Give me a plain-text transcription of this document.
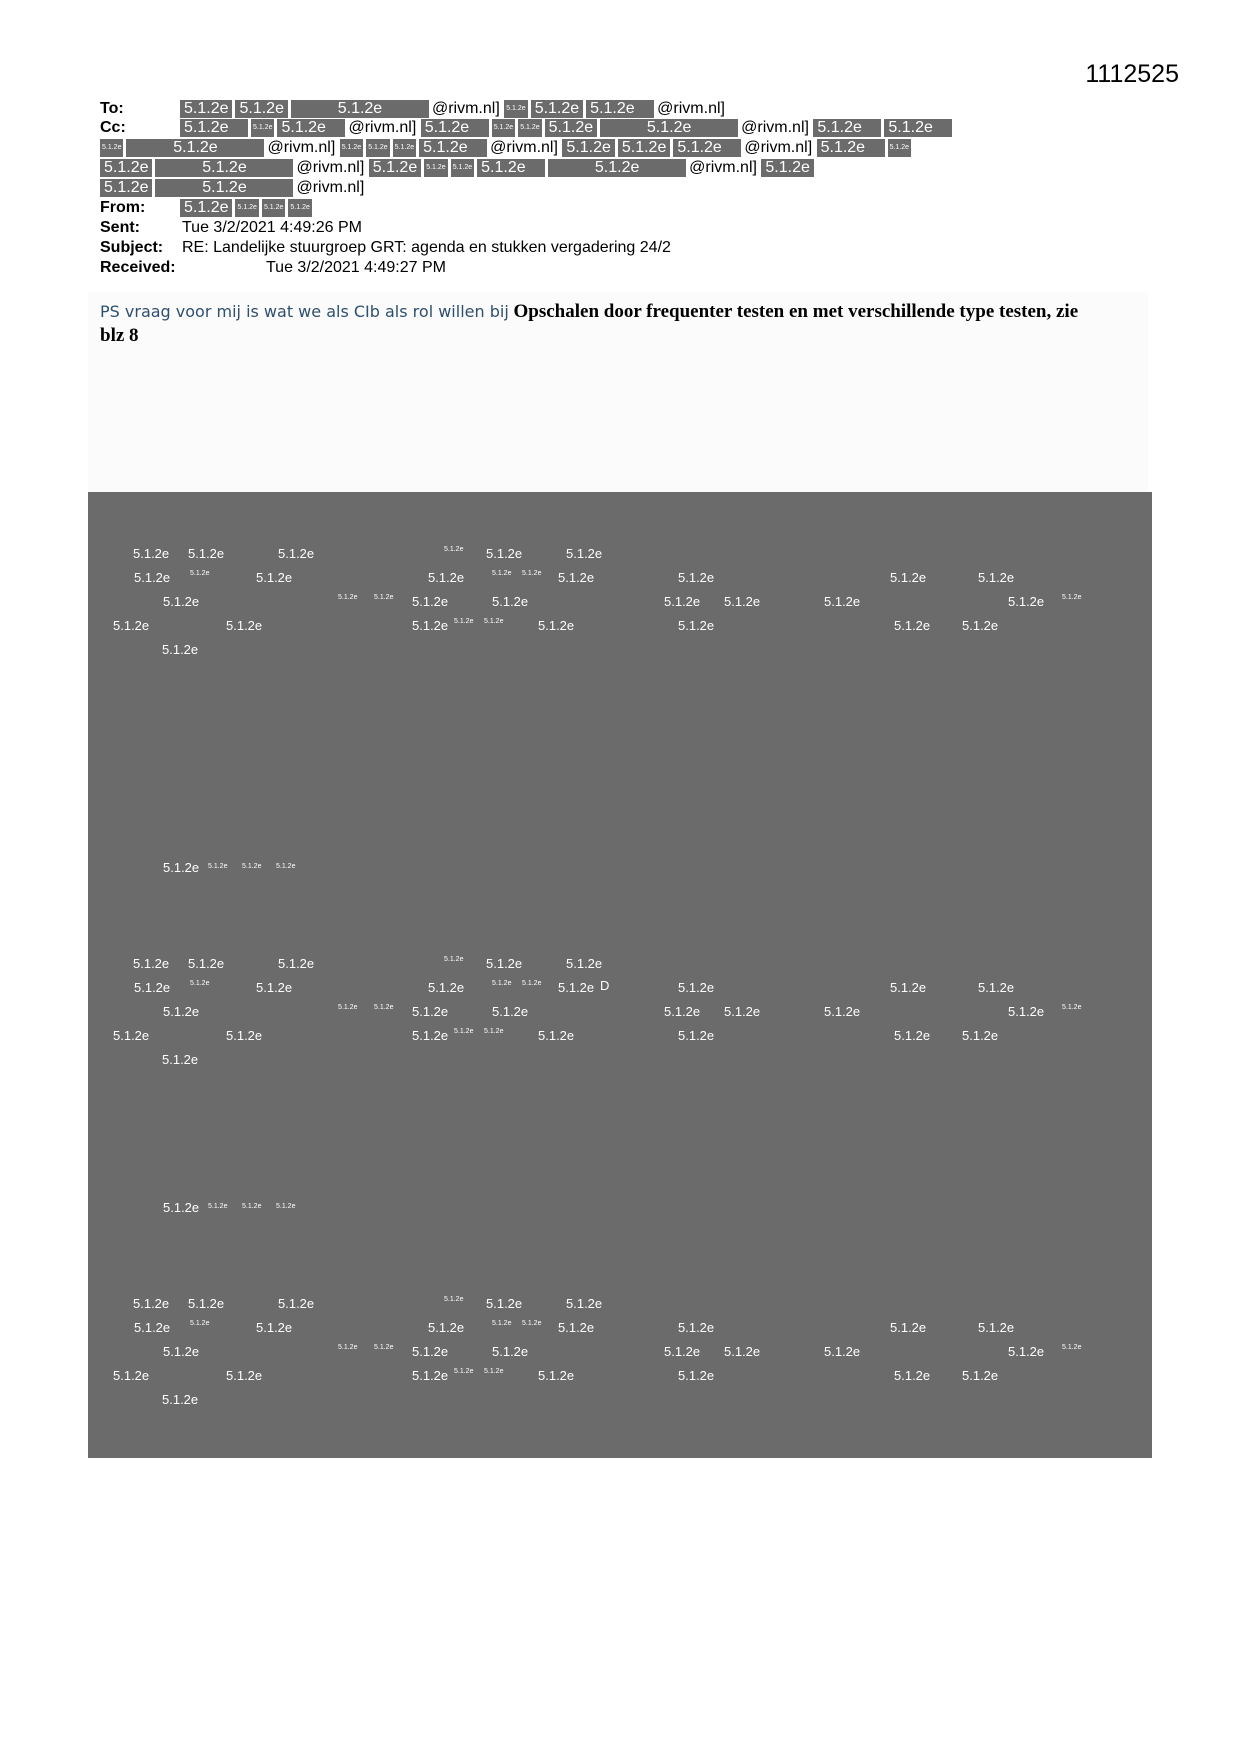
1112525
To:	5.1.2e 5.1.2e	5.1.2e	@rivm.nl] 5.1.2e 5.1.2e 5.1.2e @rivm.nl]
Cc:	5.1.2e	5.1.2e 5.1.2e @rivm.nl] 5.1.2e	5.1.2e 5.1.2e 5.1.2e	5.1.2e	@rivm.nl] 5.1.2e 5.1.2e
5.1.2e	5.1.2e	@rivm.nl] 5.1.2e 5.1.2e 5.1.2e 5.1.2e @rivm.nl] 5.1.2e 5.1.2e 5.1.2e @rivm.nl] 5.1.2e	5.1.2e
5.1.2e	5.1.2e	@rivm.nl] 5.1.2e 5.1.2e 5.1.2e 5.1.2e	5.1.2e	@rivm.nl] 5.1.2e
5.1.2e	5.1.2e	@rivm.nl]
From: 5.1.2e 5.1.2e 5.1.2e 5.1.2e
Sent:	Tue 3/2/2021 4:49:26 PM
Subject: RE: Landelijke stuurgroep GRT: agenda en stukken vergadering 24/2
Received:	Tue 3/2/2021 4:49:27 PM
PS vraag voor mij is wat we als CIb als rol willen bij Opschalen door frequenter testen en met verschillende type testen, zie blz 8
5.1.2e 5.1.2e	5.1.2e	5.1.2e 5.1.2e	5.1.2e
5.1.2e	5.1.2e	5.1.2e	5.1.2e	5.1.2e 5.1.2e 5.1.2e	5.1.2e	5.1.2e	5.1.2e
5.1.2e	5.1.2e 5.1.2e 5.1.2e	5.1.2e	5.1.2e 5.1.2e	5.1.2e	5.1.2e	5.1.2e
5.1.2e	5.1.2e	5.1.2e 5.1.2e 5.1.2e	5.1.2e	5.1.2e	5.1.2e 5.1.2e
5.1.2e
5.1.2e 5.1.2e	5.1.2e	5.1.2e 5.1.2e	5.1.2e
5.1.2e	5.1.2e	5.1.2e	5.1.2e	5.1.2e 5.1.2e 5.1.2e	5.1.2e	5.1.2e	5.1.2e
5.1.2e	5.1.2e 5.1.2e 5.1.2e	5.1.2e	5.1.2e 5.1.2e	5.1.2e	5.1.2e	5.1.2e
5.1.2e	5.1.2e	5.1.2e 5.1.2e 5.1.2e	5.1.2e	5.1.2e	5.1.2e 5.1.2e
5.1.2e
5.1.2e 5.1.2e	5.1.2e	5.1.2e 5.1.2e	5.1.2e
5.1.2e	5.1.2e	5.1.2e	5.1.2e	5.1.2e 5.1.2e 5.1.2e	5.1.2e	5.1.2e	5.1.2e
5.1.2e	5.1.2e 5.1.2e 5.1.2e	5.1.2e	5.1.2e 5.1.2e	5.1.2e	5.1.2e	5.1.2e
5.1.2e	5.1.2e	5.1.2e 5.1.2e 5.1.2e	5.1.2e	5.1.2e	5.1.2e 5.1.2e
5.1.2e
5.1.2e 5.1.2e 5.1.2e 5.1.2e
5.1.2e 5.1.2e 5.1.2e 5.1.2e
D
